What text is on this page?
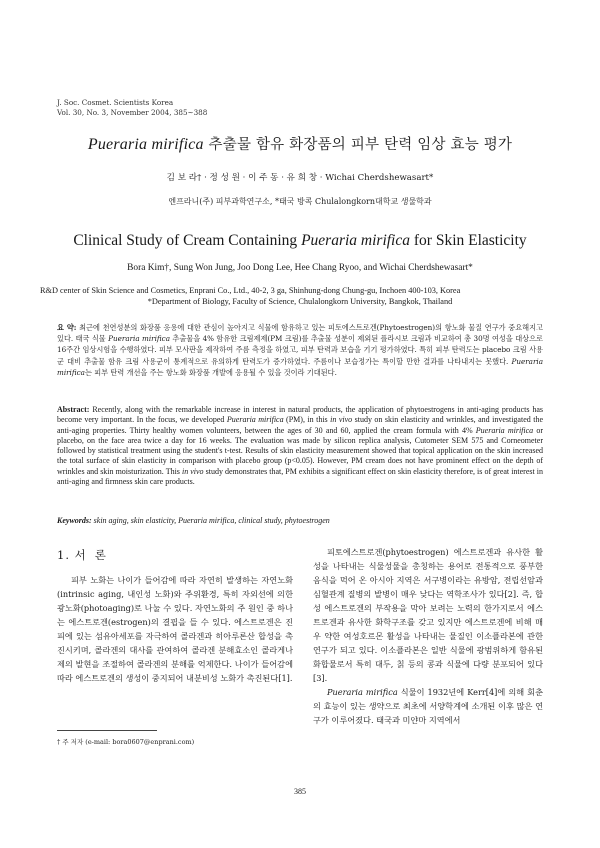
J. Soc. Cosmet. Scientists Korea
Vol. 30, No. 3, November 2004, 385~388
Pueraria mirifica 추출물 함유 화장품의 피부 탄력 임상 효능 평가
김 보 라† · 정 성 원 · 이 주 동 · 유 희 창 · Wichai Cherdshewasart*
엔프라니(주) 피부과학연구소, *태국 방콕 Chulalongkorn대학교 생물학과
Clinical Study of Cream Containing Pueraria mirifica for Skin Elasticity
Bora Kim†, Sung Won Jung, Joo Dong Lee, Hee Chang Ryoo, and Wichai Cherdshewasart*
R&D center of Skin Science and Cosmetics, Enprani Co., Ltd., 40-2, 3 ga, Shinhung-dong Chung-gu, Inchoen 400-103, Korea
*Department of Biology, Faculty of Science, Chulalongkorn University, Bangkok, Thailand
요 약: 최근에 천연성분의 화장품 응용에 대한 관심이 높아지고 식물에 함유하고 있는 피토에스트로겐(Phytoestrogen)의 항노화 물질 연구가 중요해지고 있다. 태국 식물 Pueraria mirifica 추출물을 4% 함유한 크림제제(PM 크림)를 추출물 성분이 제외된 플라시보 크림과 비교하여 총 30명 여성을 대상으로 16주간 임상시험을 수행하였다. 피부 모사판을 제작하여 주름 측정을 하였고, 피부 탄력과 보습을 기기 평가하였다. 특히 피부 탄력도는 placebo 크림 사용군 대비 추출물 함유 크림 사용군이 통계적으로 유의하게 탄력도가 증가하였다. 주름이나 보습정가는 특이할 만한 결과를 나타내지는 못했다. Pueraria mirifica는 피부 탄력 개선을 주는 항노화 화장품 개발에 응용될 수 있을 것이라 기대된다.
Abstract: Recently, along with the remarkable increase in interest in natural products, the application of phytoestrogens in anti-aging products has become very important. In the focus, we developed Pueraria mirifica (PM), in this in vivo study on skin elasticity and wrinkles, and investigated the anti-aging properties. Thirty healthy women volunteers, between the ages of 30 and 60, applied the cream formula with 4% Pueraria mirifica or placebo, on the face area twice a day for 16 weeks. The evaluation was made by silicon replica analysis, Cutometer SEM 575 and Corneometer followed by statistical treatment using the student's t-test. Results of skin elasticity measurement showed that topical application on the skin increased the total surface of skin elasticity in comparison with placebo group (p<0.05). However, PM cream does not have prominent effect on the depth of wrinkles and skin moisturization. This in vivo study demonstrates that, PM exhibits a significant effect on skin elasticity therefore, is of great interest in anti-aging and firmness skin care products.
Keywords: skin aging, skin elasticity, Pueraria mirifica, clinical study, phytoestrogen
1. 서 론

피부 노화는 나이가 들어감에 따라 자연히 발생하는 자연노화(intrinsic aging, 내인성 노화)와 주위환경, 특히 자외선에 의한 광노화(photoaging)로 나눌 수 있다. 자연노화의 주 원인 중 하나는 에스트로겐(estrogen)의 결핍을 들 수 있다. 에스트로겐은 진피에 있는 섬유아세포를 자극하여 콜라겐과 히아루론산 합성을 촉진시키며, 콜라겐의 대사를 관여하여 콜라겐 분해효소인 콜라게나제의 발현을 조절하여 콜라겐의 분해를 억제한다. 나이가 들어감에 따라 에스트로겐의 생성이 중지되어 내분비성 노화가 촉진된다[1].

피토에스트로겐(phytoestrogen) 에스트로겐과 유사한 활성을 나타내는 식물성물을 총칭하는 용어로 전통적으로 풍부한 음식을 먹어 온 아시아 지역은 서구병이라는 유방암, 전립선암과 심혈관계 질병의 발병이 매우 낮다는 역학조사가 있다[2]. 즉, 합성 에스트로겐의 부작용을 막아 보려는 노력의 한가지로서 에스트로겐과 유사한 화학구조를 갖고 있지만 에스트로겐에 비해 매우 약한 여성호르몬 활성을 나타내는 물질인 이소플라본에 관한 연구가 되고 있다. 이소플라본은 일반 식물에 광범위하게 함유된 화합물로서 특히 대두, 칡 등의 콩과 식물에 다량 분포되어 있다[3].

Pueraria mirifica 식물이 1932년에 Kerr[4]에 의해 회춘의 효능이 있는 생약으로 최초에 서양학계에 소개된 이후 많은 연구가 이루어졌다. 태국과 미얀마 지역에서

† 주 저자 (e-mail: bora0607@enprani.com)
385
